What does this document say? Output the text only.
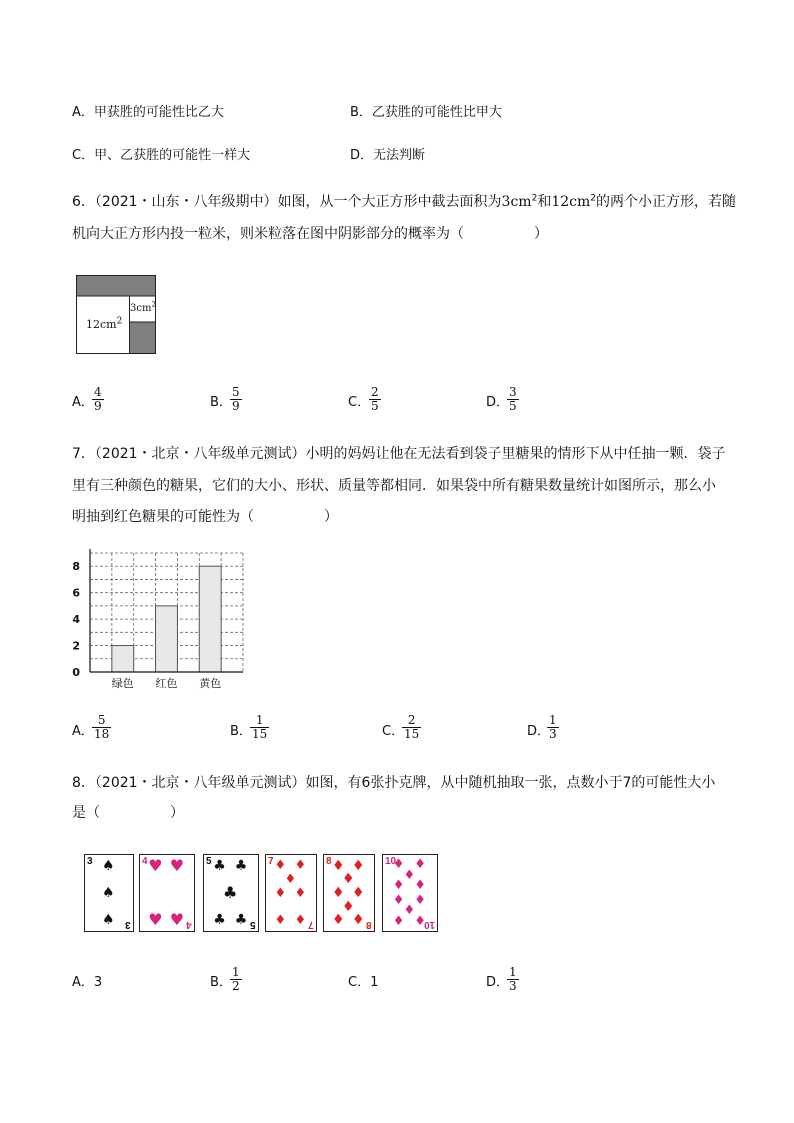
A．甲获胜的可能性比乙大	B．乙获胜的可能性比甲大
C．甲、乙获胜的可能性一样大	D．无法判断
6．（2021・山东・八年级期中）如图，从一个大正方形中截去面积为$3cm^2$和$12cm^2$的两个小正方形，若随
机向大正方形内投一粒米，则米粒落在图中阴影部分的概率为（　　　　　）
$12cm^2$
$3cm^2$
A．
$\frac{4}{9}$	B．
$\frac{5}{9}$	C．
$\frac{2}{5}$	D．
$\frac{3}{5}$
7．（2021・北京・八年级单元测试）小明的妈妈让他在无法看到袋子里糖果的情形下从中任抽一颗．袋子
里有三种颜色的糖果，它们的大小、形状、质量等都相同．如果袋中所有糖果数量统计如图所示，那么小
明抽到红色糖果的可能性为（　　　　　）
0
2
4
6
8
绿色 红色 黄色
A．
$\frac{5}{18}$	B．
$\frac{1}{15}$	C．
$\frac{2}{15}$	D．
$\frac{1}{3}$
8．（2021・北京・八年级单元测试）如图，有6张扑克牌，从中随机抽取一张，点数小于7的可能性大小
是（　　　　　）
3
3
♠
♠
♠
4
4
♥ ♥
♥ ♥
5
5
♣ ♣
♣
♣ ♣
7
7
♦ ♦
♦
♦ ♦
♦ ♦
8
8
♦ ♦
♦
♦ ♦
♦
♦ ♦
10
10
♦ ♦
♦
♦ ♦
♦ ♦
♦
♦ ♦
A．3	B．
$\frac{1}{2}$	C．1	D．
$\frac{1}{3}$
